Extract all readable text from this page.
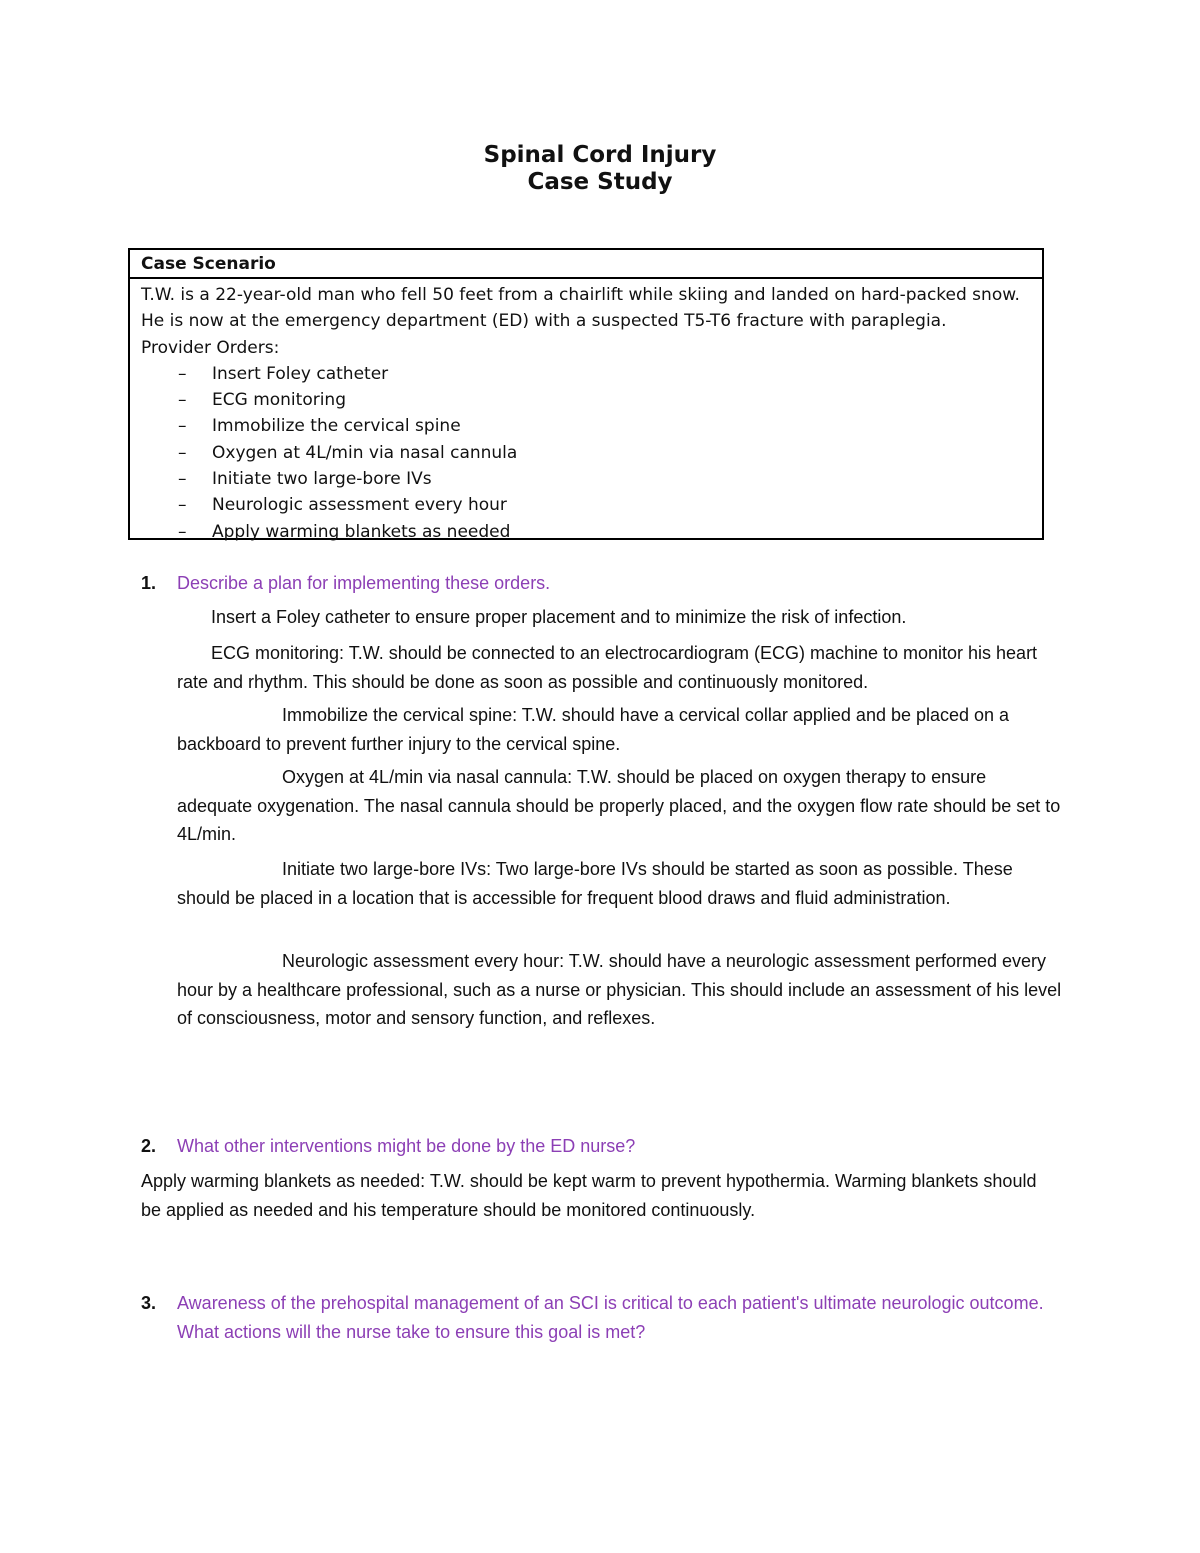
Spinal Cord Injury
Case Study
Case Scenario

T.W. is a 22-year-old man who fell 50 feet from a chairlift while skiing and landed on hard-packed snow. He is now at the emergency department (ED) with a suspected T5-T6 fracture with paraplegia.

Provider Orders:

– Insert Foley catheter
– ECG monitoring
– Immobilize the cervical spine
– Oxygen at 4L/min via nasal cannula
– Initiate two large-bore IVs
– Neurologic assessment every hour
– Apply warming blankets as needed
1. Describe a plan for implementing these orders.

Insert a Foley catheter to ensure proper placement and to minimize the risk of infection.

ECG monitoring: T.W. should be connected to an electrocardiogram (ECG) machine to monitor his heart rate and rhythm. This should be done as soon as possible and continuously monitored.

Immobilize the cervical spine: T.W. should have a cervical collar applied and be placed on a backboard to prevent further injury to the cervical spine.

Oxygen at 4L/min via nasal cannula: T.W. should be placed on oxygen therapy to ensure adequate oxygenation. The nasal cannula should be properly placed, and the oxygen flow rate should be set to 4L/min.

Initiate two large-bore IVs: Two large-bore IVs should be started as soon as possible. These should be placed in a location that is accessible for frequent blood draws and fluid administration.

Neurologic assessment every hour: T.W. should have a neurologic assessment performed every hour by a healthcare professional, such as a nurse or physician. This should include an assessment of his level of consciousness, motor and sensory function, and reflexes.

2. What other interventions might be done by the ED nurse?

Apply warming blankets as needed: T.W. should be kept warm to prevent hypothermia. Warming blankets should be applied as needed and his temperature should be monitored continuously.

3. Awareness of the prehospital management of an SCI is critical to each patient's ultimate neurologic outcome. What actions will the nurse take to ensure this goal is met?
